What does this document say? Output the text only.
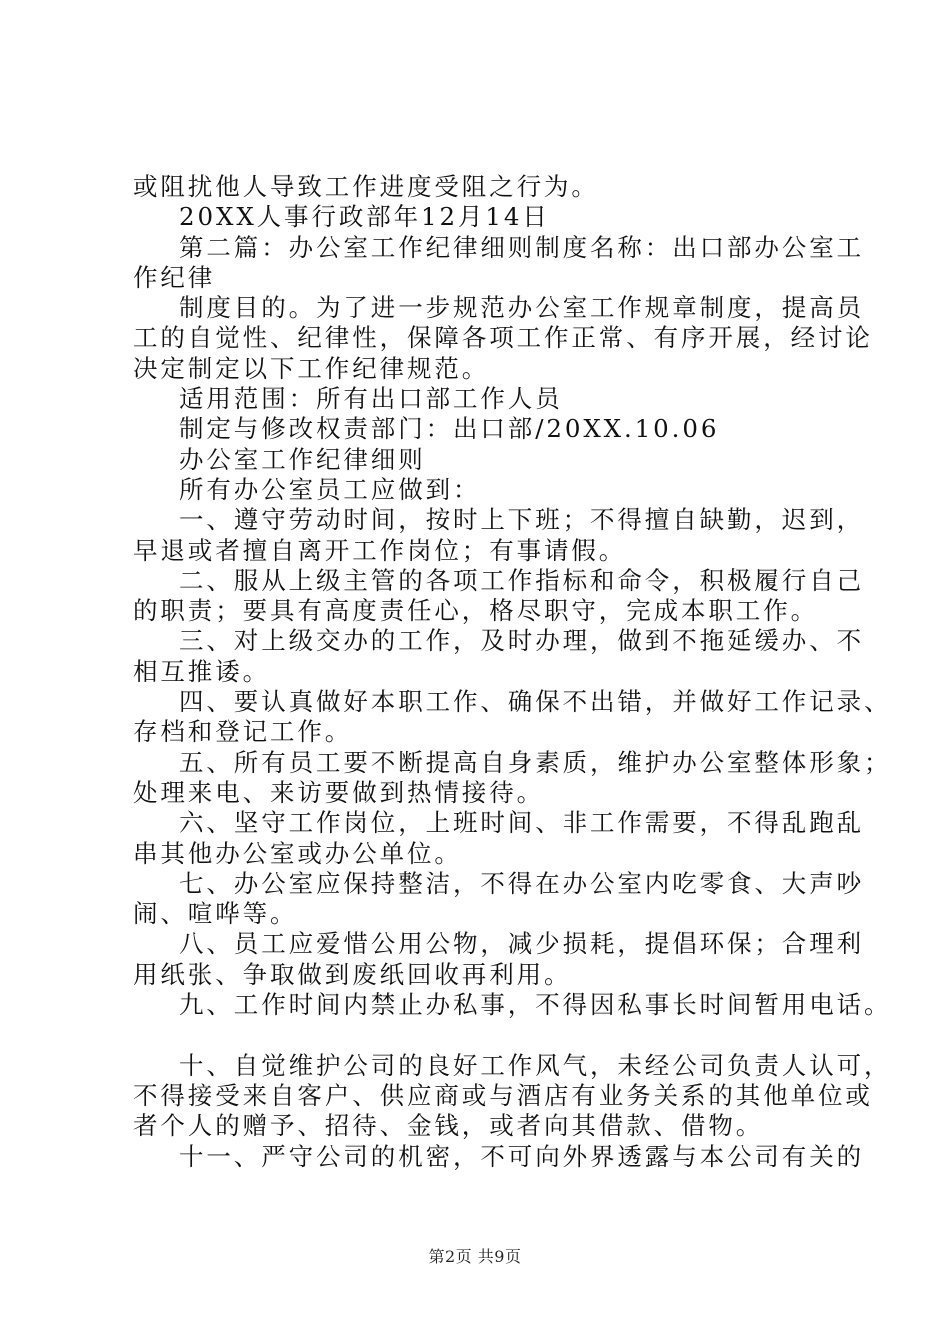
或阻扰他人导致工作进度受阻之行为。
20XX人事行政部年12月14日
第二篇：办公室工作纪律细则制度名称：出口部办公室工
作纪律
制度目的。为了进一步规范办公室工作规章制度，提高员
工的自觉性、纪律性，保障各项工作正常、有序开展，经讨论
决定制定以下工作纪律规范。
适用范围：所有出口部工作人员
制定与修改权责部门：出口部/20XX.10.06
办公室工作纪律细则
所有办公室员工应做到：
一、遵守劳动时间，按时上下班；不得擅自缺勤，迟到，
早退或者擅自离开工作岗位；有事请假。
二、服从上级主管的各项工作指标和命令，积极履行自己
的职责；要具有高度责任心，格尽职守，完成本职工作。
三、对上级交办的工作，及时办理，做到不拖延缓办、不
相互推诿。
四、要认真做好本职工作、确保不出错，并做好工作记录、
存档和登记工作。
五、所有员工要不断提高自身素质，维护办公室整体形象；
处理来电、来访要做到热情接待。
六、坚守工作岗位，上班时间、非工作需要，不得乱跑乱
串其他办公室或办公单位。
七、办公室应保持整洁，不得在办公室内吃零食、大声吵
闹、喧哗等。
八、员工应爱惜公用公物，减少损耗，提倡环保；合理利
用纸张、争取做到废纸回收再利用。
九、工作时间内禁止办私事，不得因私事长时间暂用电话。
十、自觉维护公司的良好工作风气，未经公司负责人认可，
不得接受来自客户、供应商或与酒店有业务关系的其他单位或
者个人的赠予、招待、金钱，或者向其借款、借物。
十一、严守公司的机密，不可向外界透露与本公司有关的
第2页 共9页
